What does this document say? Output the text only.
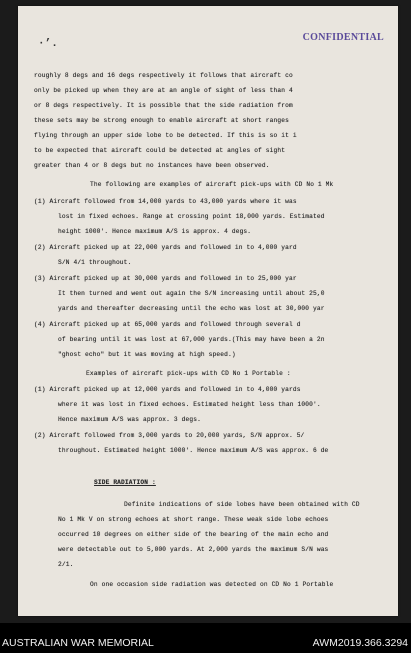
CONFIDENTIAL
·’.
roughly 8 degs and 16 degs respectively it follows that aircraft co
only be picked up when they are at an angle of sight of less than 4
or 8 degs respectively. It is possible that the side radiation from
these sets may be strong enough to enable aircraft at short ranges
flying through an upper side lobe to be detected. If this is so it i
to be expected that aircraft could be detected at angles of sight
greater than 4 or 8 degs but no instances have been observed.
The following are examples of aircraft pick-ups with CD No 1 Mk
(1) Aircraft followed from 14,000 yards to 43,000 yards where it was
lost in fixed echoes. Range at crossing point 18,000 yards. Estimated
height 1000'. Hence maximum A/S is approx. 4 degs.
(2) Aircraft picked up at 22,000 yards and followed in to 4,000 yard
S/N 4/1 throughout.
(3) Aircraft picked up at 30,000 yards and followed in to 25,000 yar
It then turned and went out again the S/N increasing until about 25,0
yards and thereafter decreasing until the echo was lost at 30,000 yar
(4) Aircraft picked up at 65,000 yards and followed through several d
of bearing until it was lost at 67,000 yards.(This may have been a 2n
"ghost echo" but it was moving at high speed.)
Examples of aircraft pick-ups with CD No 1 Portable :
(1) Aircraft picked up at 12,000 yards and followed in to 4,000 yards
where it was lost in fixed echoes. Estimated height less than 1000'.
Hence maximum A/S was approx. 3 degs.
(2) Aircraft followed from 3,000 yards to 20,000 yards, S/N approx. 5/
throughout. Estimated height 1000'. Hence maximum A/S was approx. 6 de
SIDE RADIATION :
Definite indications of side lobes have been obtained with CD
No 1 Mk V on strong echoes at short range. These weak side lobe echoes
occurred 10 degrees on either side of the bearing of the main echo and
were detectable out to 5,000 yards. At 2,000 yards the maximum S/N was
2/1.
On one occasion side radiation was detected on CD No 1 Portable
AUSTRALIAN WAR MEMORIAL	AWM2019.366.3294
